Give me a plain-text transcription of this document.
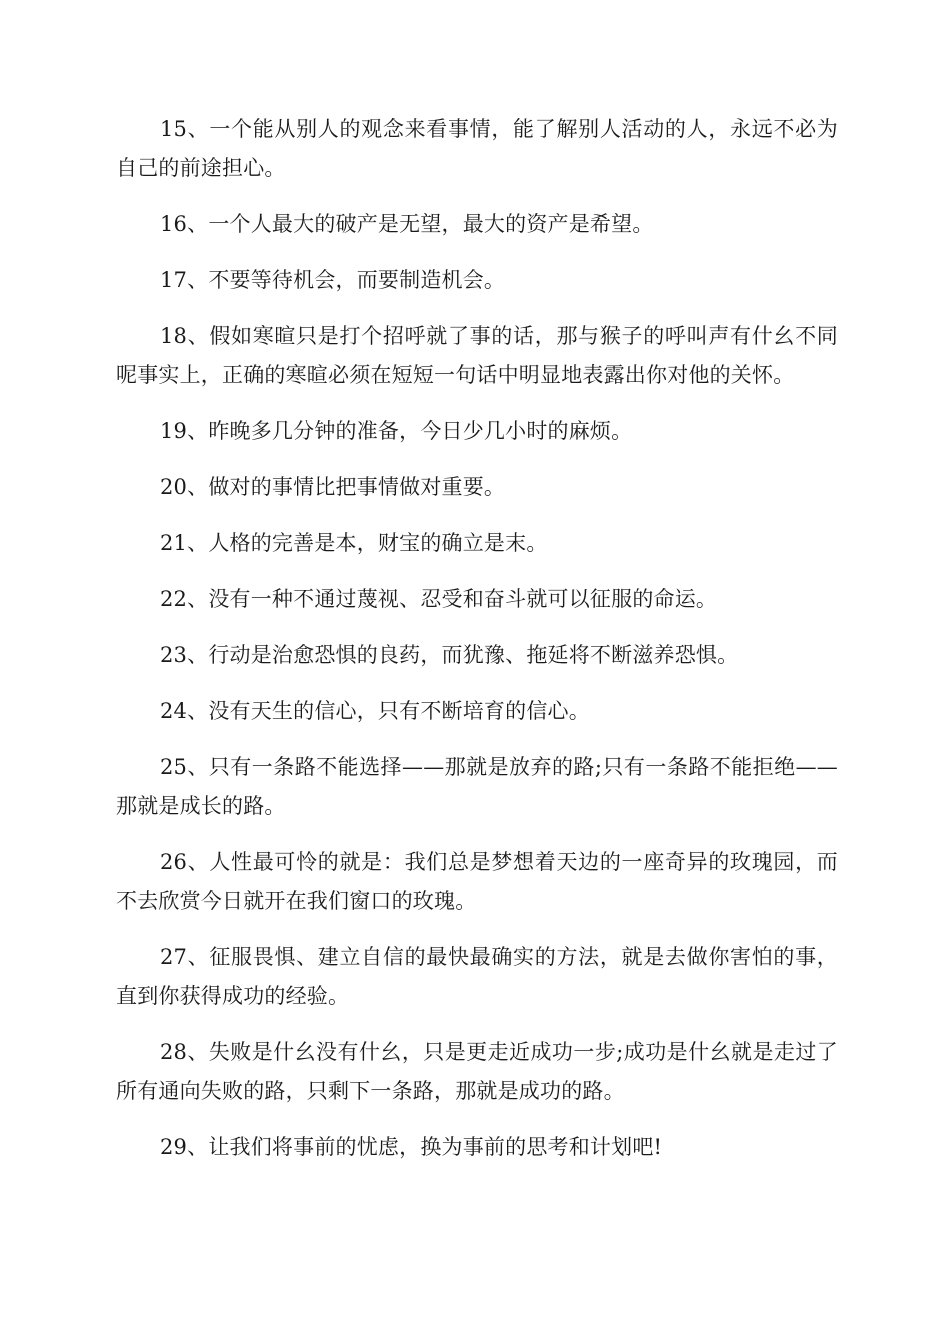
15、一个能从别人的观念来看事情，能了解别人活动的人，永远不必为自己的前途担心。

16、一个人最大的破产是无望，最大的资产是希望。

17、不要等待机会，而要制造机会。

18、假如寒暄只是打个招呼就了事的话，那与猴子的呼叫声有什幺不同呢事实上，正确的寒暄必须在短短一句话中明显地表露出你对他的关怀。

19、昨晚多几分钟的准备，今日少几小时的麻烦。

20、做对的事情比把事情做对重要。

21、人格的完善是本，财宝的确立是末。

22、没有一种不通过蔑视、忍受和奋斗就可以征服的命运。

23、行动是治愈恐惧的良药，而犹豫、拖延将不断滋养恐惧。

24、没有天生的信心，只有不断培育的信心。

25、只有一条路不能选择——那就是放弃的路;只有一条路不能拒绝——那就是成长的路。

26、人性最可怜的就是：我们总是梦想着天边的一座奇异的玫瑰园，而不去欣赏今日就开在我们窗口的玫瑰。

27、征服畏惧、建立自信的最快最确实的方法，就是去做你害怕的事，直到你获得成功的经验。

28、失败是什幺没有什幺，只是更走近成功一步;成功是什幺就是走过了所有通向失败的路，只剩下一条路，那就是成功的路。

29、让我们将事前的忧虑，换为事前的思考和计划吧!
